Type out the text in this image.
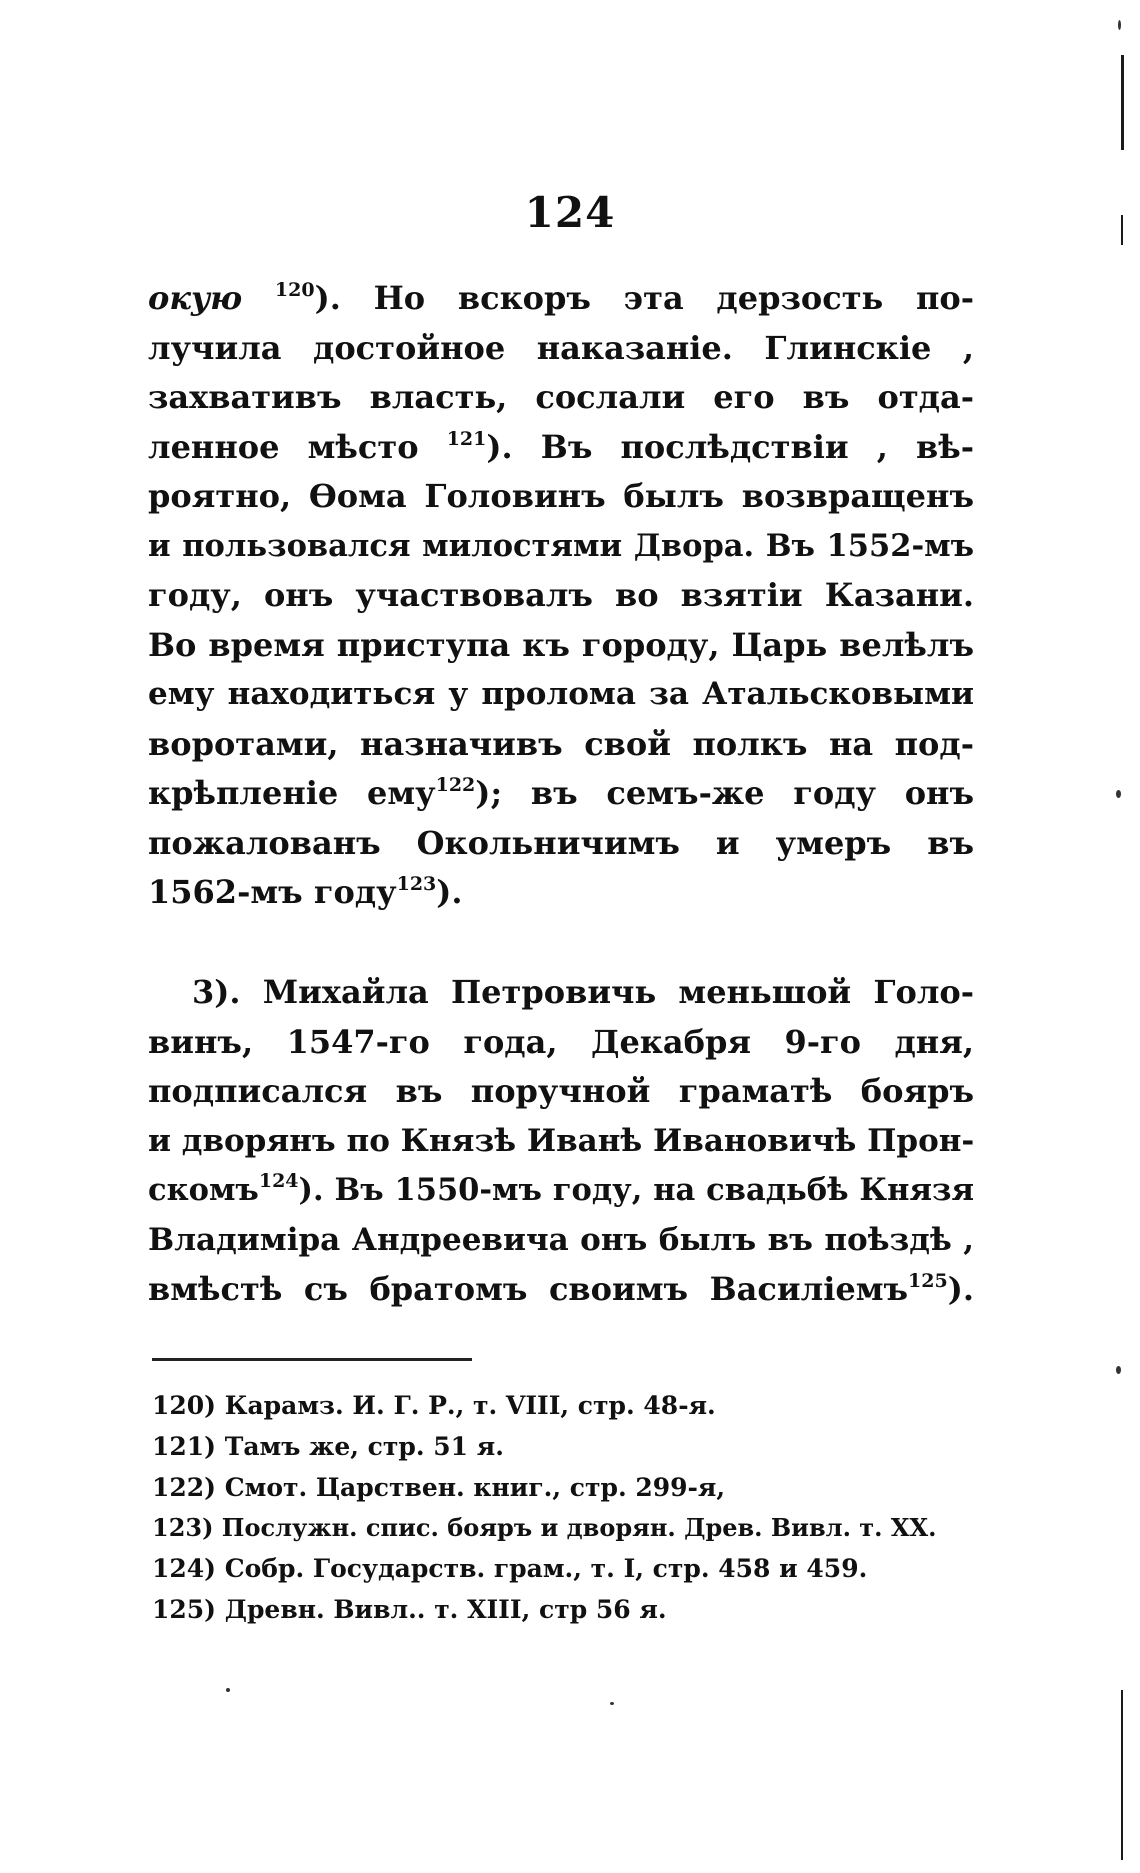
124
окую $^{120}$). Но вскоръ эта дерзость по-
лучила достойное наказаніе. Глинскіе ,
захвативъ власть, сослали его въ отда-
ленное мѣсто $^{121}$). Въ послѣдствіи , вѣ-
роятно, Ѳома Головинъ былъ возвращенъ
и пользовался милостями Двора. Въ 1552-мъ
году, онъ участвовалъ во взятіи Казани.
Во время приступа къ городу, Царь велѣлъ
ему находиться у пролома за Атальсковыми
воротами, назначивъ свой полкъ на под-
крѣпленіе ему$^{122}$); въ семъ-же году онъ
пожалованъ Окольничимъ и умеръ въ
1562-мъ году$^{123}$).
3). Михайла Петровичь меньшой Голо-
винъ, 1547-го года, Декабря 9-го дня,
подписался въ поручной граматѣ бояръ
и дворянъ по Князѣ Иванѣ Ивановичѣ Прон-
скомъ$^{124}$). Въ 1550-мъ году, на свадьбѣ Князя
Владиміра Андреевича онъ былъ въ поѣздѣ ,
вмѣстѣ съ братомъ своимъ Василіемъ$^{125}$).
120) Карамз. И. Г. Р., т. VIII, стр. 48-я.
121) Тамъ же, стр. 51 я.
122) Смот. Царствен. книг., стр. 299-я,
123) Послужн. спис. бояръ и дворян. Древ. Вивл. т. XX.
124) Собр. Государств. грам., т. I, стр. 458 и 459.
125) Древн. Вивл.. т. XIII, стр 56 я.
